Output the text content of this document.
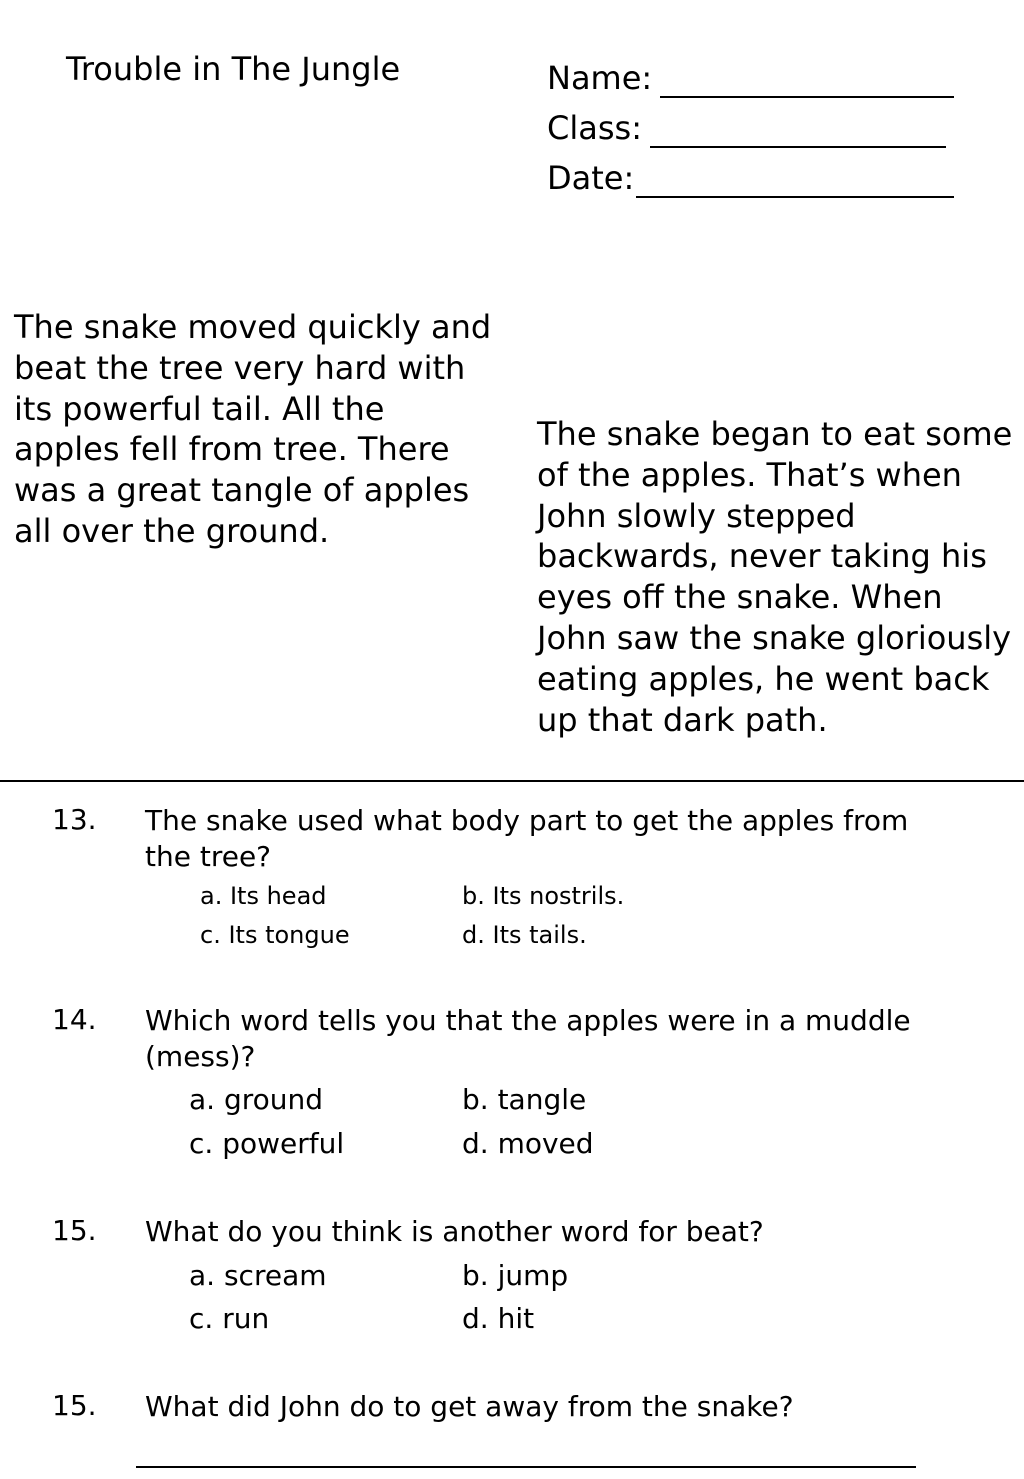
Trouble in The Jungle	Name:
Class:
Date:
The snake moved quickly and beat the tree very hard with its powerful tail. All the apples fell from tree. There was a great tangle of apples all over the ground.
The snake began to eat some of the apples. That’s when John slowly stepped backwards, never taking his eyes off the snake. When John saw the snake gloriously eating apples, he went back up that dark path.
13. The snake used what body part to get the apples from the tree?
a. Its head	b. Its nostrils.
c. Its tongue	d. Its tails.
14. Which word tells you that the apples were in a muddle (mess)?
a. ground	b. tangle
c. powerful	d. moved
15. What do you think is another word for beat?
a. scream	b. jump
c. run	d. hit
15. What did John do to get away from the snake?
